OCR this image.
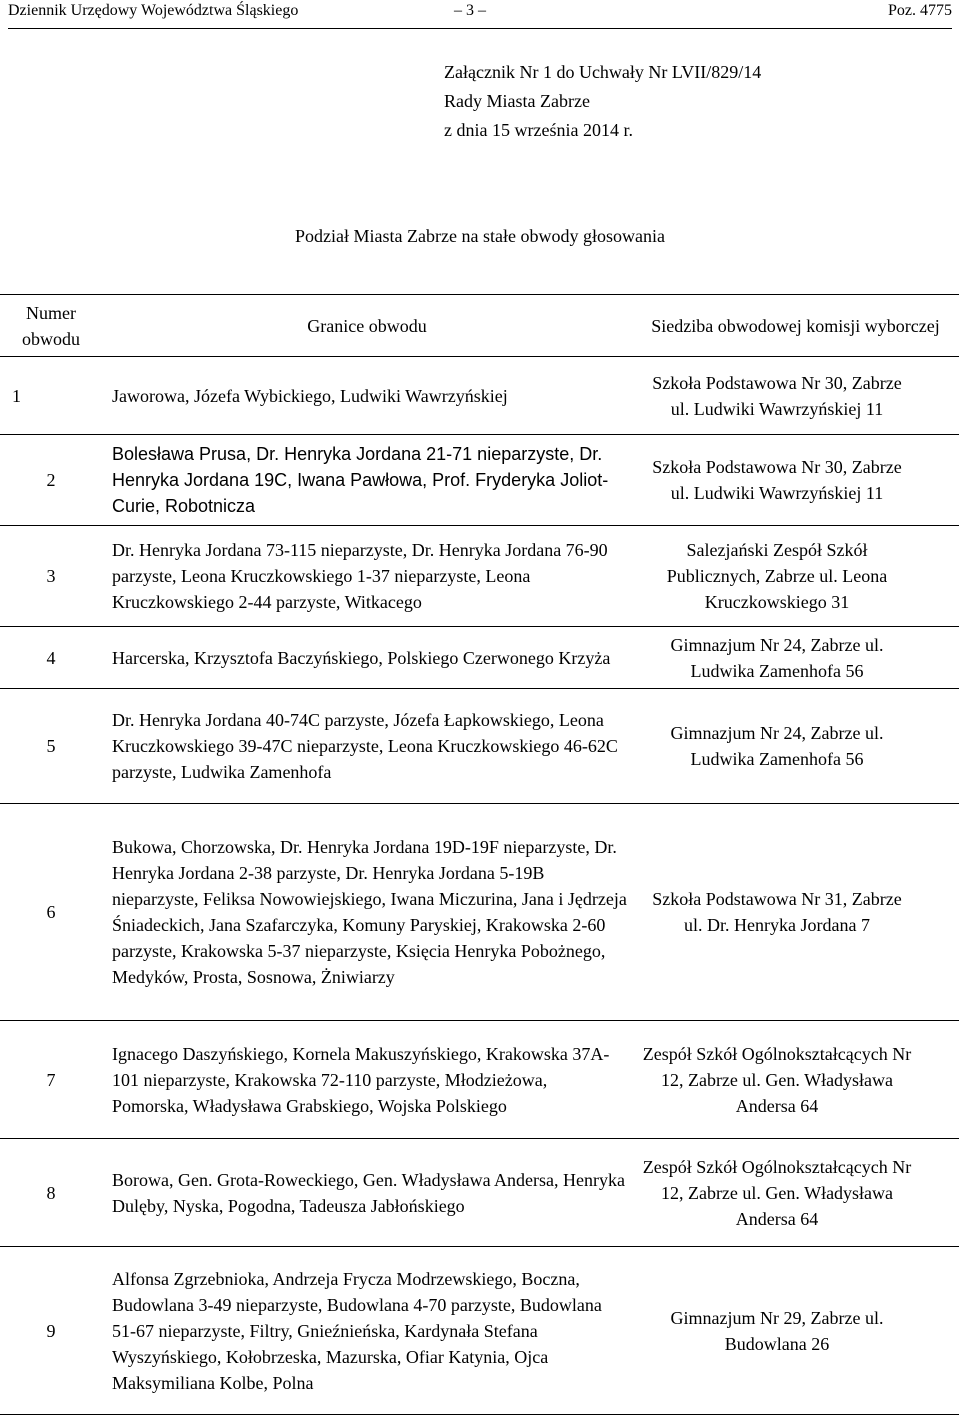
Dziennik Urzędowy Województwa Śląskiego	– 3 –	Poz. 4775
Załącznik Nr 1 do Uchwały Nr LVII/829/14
Rady Miasta Zabrze
z dnia 15 września 2014 r.
Podział Miasta Zabrze na stałe obwody głosowania
Numer obwodu	Granice obwodu	Siedziba obwodowej komisji wyborczej
1	Jaworowa, Józefa Wybickiego, Ludwiki Wawrzyńskiej	Szkoła Podstawowa Nr 30, Zabrze ul. Ludwiki Wawrzyńskiej 11

2	Bolesława Prusa, Dr. Henryka Jordana 21-71 nieparzyste, Dr. Henryka Jordana 19C, Iwana Pawłowa, Prof. Fryderyka Joliot-Curie, Robotnicza	Szkoła Podstawowa Nr 30, Zabrze ul. Ludwiki Wawrzyńskiej 11

3	Dr. Henryka Jordana 73-115 nieparzyste, Dr. Henryka Jordana 76-90 parzyste, Leona Kruczkowskiego 1-37 nieparzyste, Leona Kruczkowskiego 2-44 parzyste, Witkacego	Salezjański Zespół Szkół Publicznych, Zabrze ul. Leona Kruczkowskiego 31

4	Harcerska, Krzysztofa Baczyńskiego, Polskiego Czerwonego Krzyża	Gimnazjum Nr 24, Zabrze ul. Ludwika Zamenhofa 56

5	Dr. Henryka Jordana 40-74C parzyste, Józefa Łapkowskiego, Leona Kruczkowskiego 39-47C nieparzyste, Leona Kruczkowskiego 46-62C parzyste, Ludwika Zamenhofa	Gimnazjum Nr 24, Zabrze ul. Ludwika Zamenhofa 56

6	Bukowa, Chorzowska, Dr. Henryka Jordana 19D-19F nieparzyste, Dr. Henryka Jordana 2-38 parzyste, Dr. Henryka Jordana 5-19B nieparzyste, Feliksa Nowowiejskiego, Iwana Miczurina, Jana i Jędrzeja Śniadeckich, Jana Szafarczyka, Komuny Paryskiej, Krakowska 2-60 parzyste, Krakowska 5-37 nieparzyste, Księcia Henryka Pobożnego, Medyków, Prosta, Sosnowa, Żniwiarzy	Szkoła Podstawowa Nr 31, Zabrze ul. Dr. Henryka Jordana 7

7	Ignacego Daszyńskiego, Kornela Makuszyńskiego, Krakowska 37A-101 nieparzyste, Krakowska 72-110 parzyste, Młodzieżowa, Pomorska, Władysława Grabskiego, Wojska Polskiego	Zespół Szkół Ogólnokształcących Nr 12, Zabrze ul. Gen. Władysława Andersa 64

8	Borowa, Gen. Grota-Roweckiego, Gen. Władysława Andersa, Henryka Dulęby, Nyska, Pogodna, Tadeusza Jabłońskiego	Zespół Szkół Ogólnokształcących Nr 12, Zabrze ul. Gen. Władysława Andersa 64

9	Alfonsa Zgrzebnioka, Andrzeja Frycza Modrzewskiego, Boczna, Budowlana 3-49 nieparzyste, Budowlana 4-70 parzyste, Budowlana 51-67 nieparzyste, Filtry, Gnieźnieńska, Kardynała Stefana Wyszyńskiego, Kołobrzeska, Mazurska, Ofiar Katynia, Ojca Maksymiliana Kolbe, Polna	Gimnazjum Nr 29, Zabrze ul. Budowlana 26
